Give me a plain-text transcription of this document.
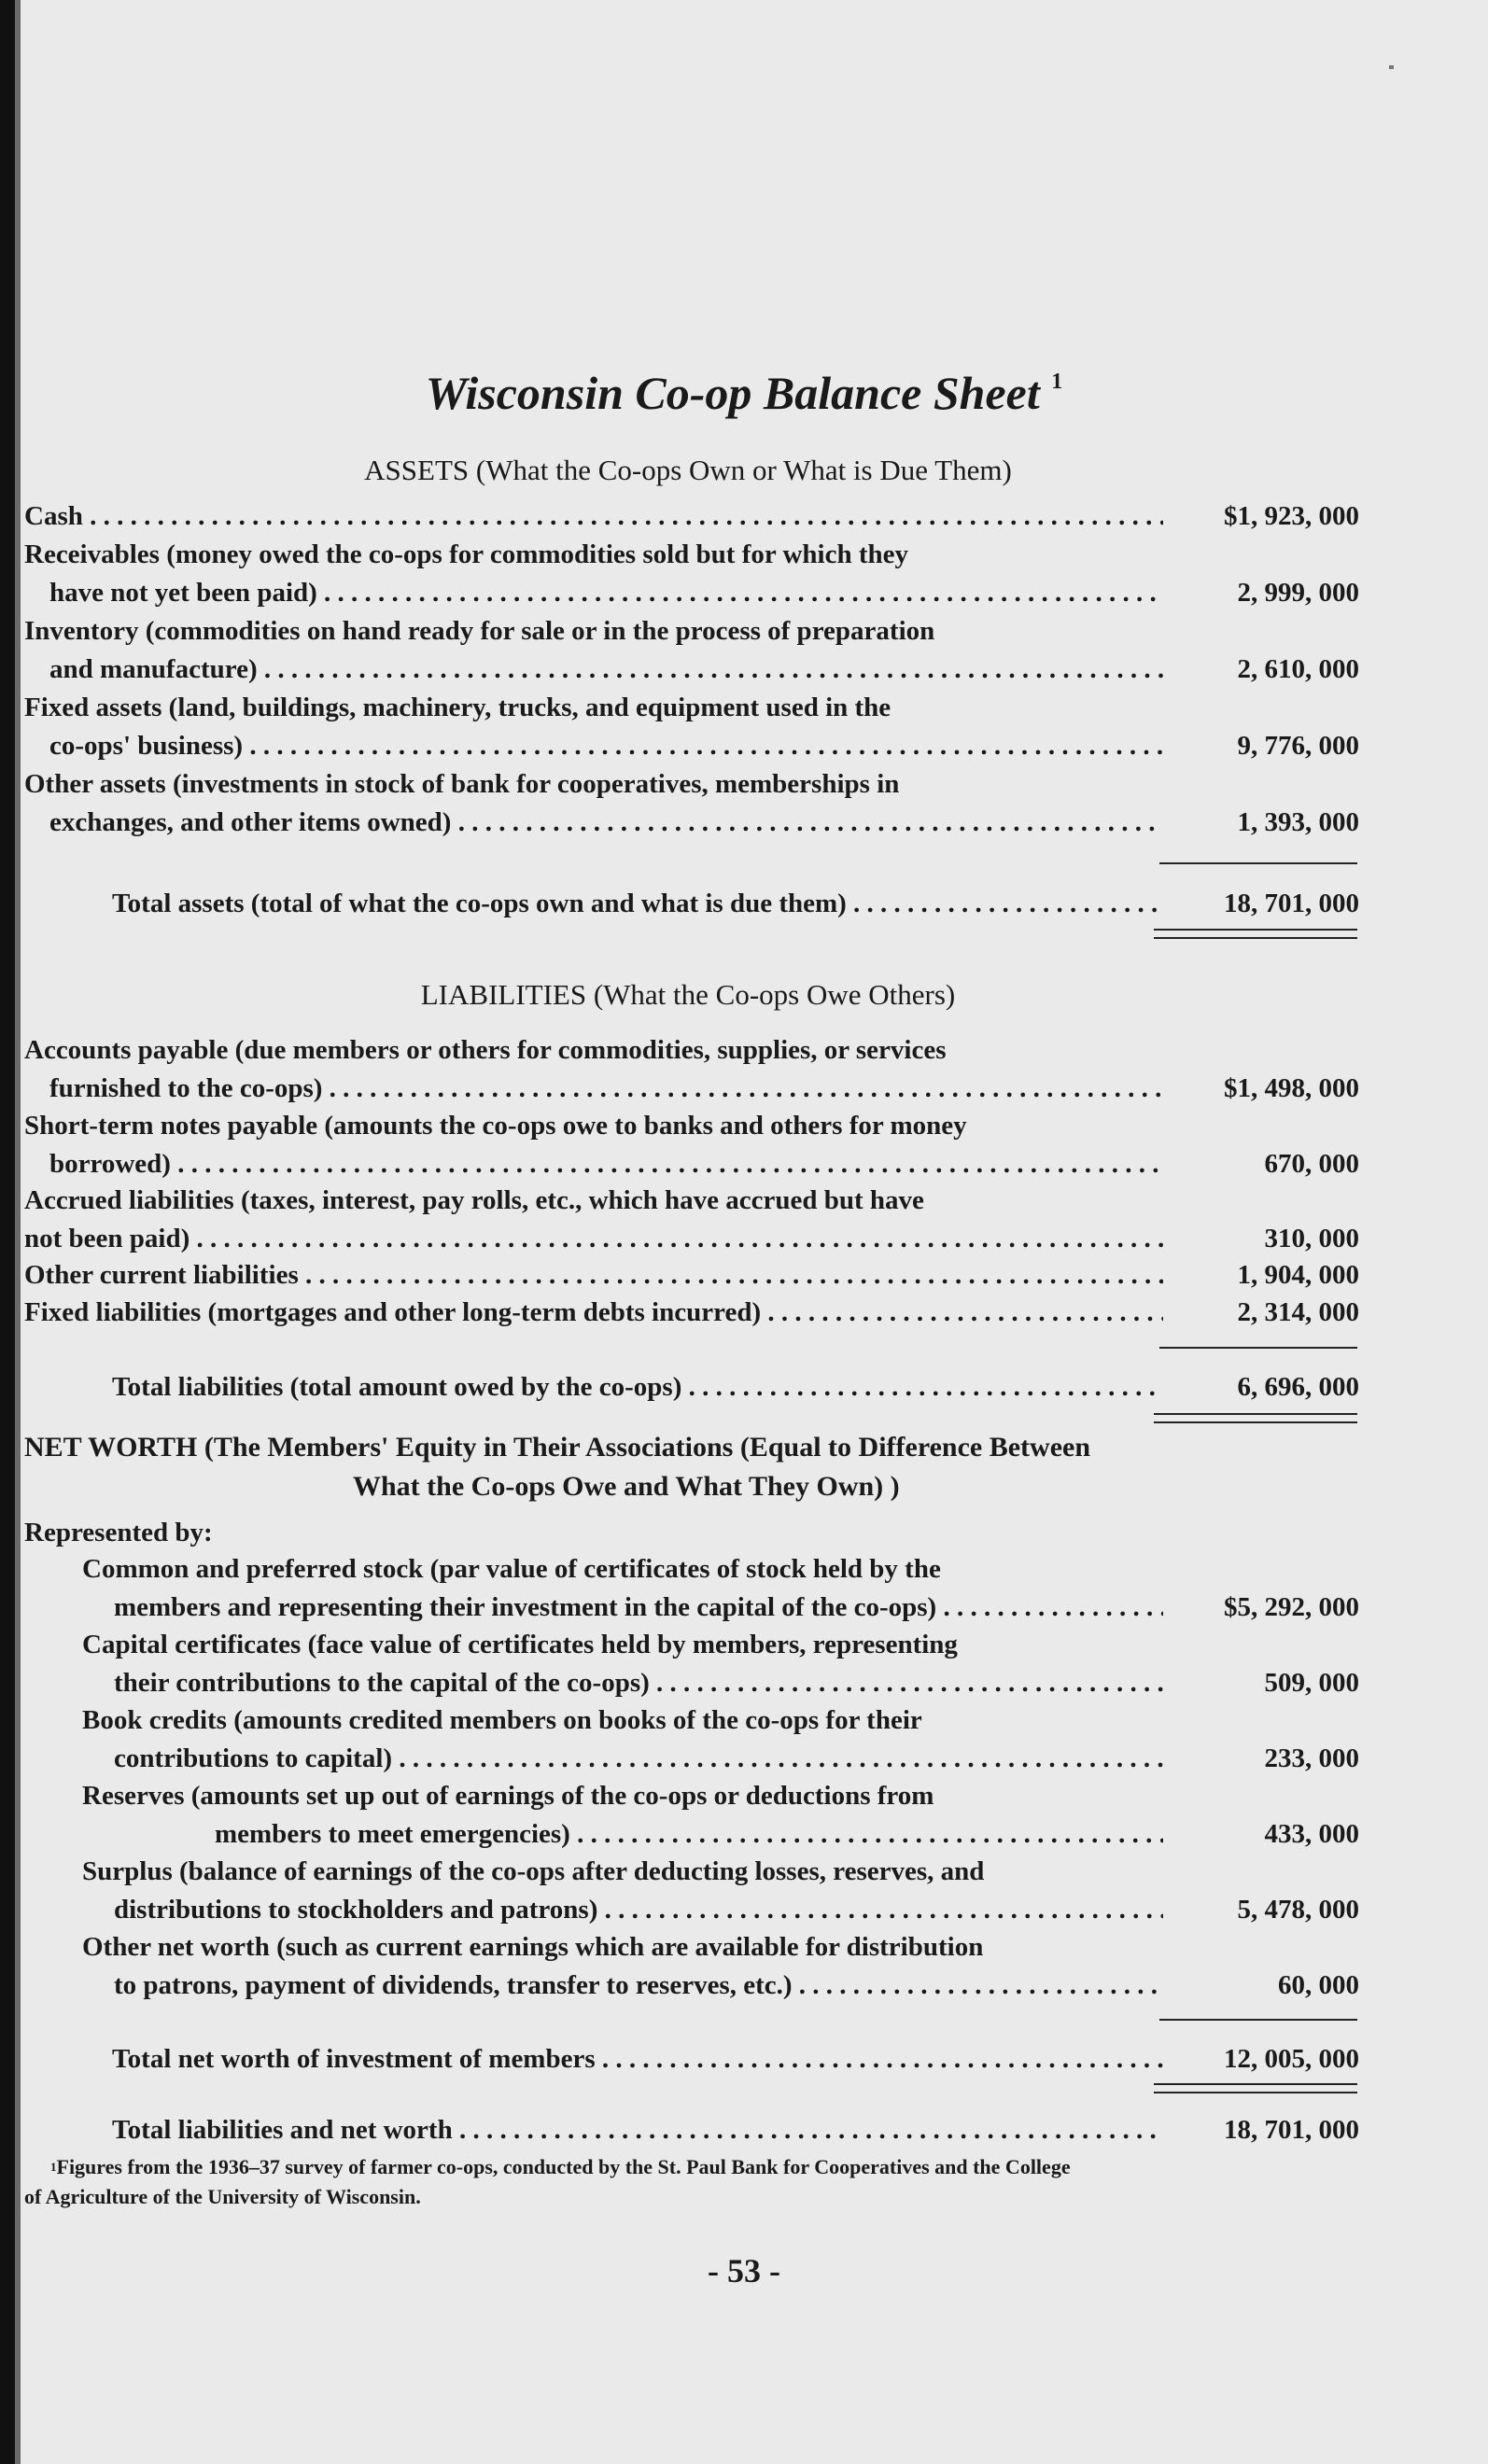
Wisconsin Co-op Balance Sheet $^1$
ASSETS (What the Co-ops Own or What is Due Them)
Cash . . .	$1, 923, 000
Receivables (money owed the co-ops for commodities sold but for which they
have not yet been paid) . . .	2, 999, 000
Inventory (commodities on hand ready for sale or in the process of preparation
and manufacture) . . .	2, 610, 000
Fixed assets (land, buildings, machinery, trucks, and equipment used in the
co-ops' business) . . .	9, 776, 000
Other assets (investments in stock of bank for cooperatives, memberships in
exchanges, and other items owned) . . .	1, 393, 000
Total assets (total of what the co-ops own and what is due them) . . .	18, 701, 000
LIABILITIES (What the Co-ops Owe Others)
Accounts payable (due members or others for commodities, supplies, or services
furnished to the co-ops) . . .	$1, 498, 000
Short-term notes payable (amounts the co-ops owe to banks and others for money
borrowed) . . .	670, 000
Accrued liabilities (taxes, interest, pay rolls, etc., which have accrued but have
not been paid) . . .	310, 000
Other current liabilities . . .	1, 904, 000
Fixed liabilities (mortgages and other long-term debts incurred) . . .	2, 314, 000
Total liabilities (total amount owed by the co-ops) . . .	6, 696, 000
NET WORTH (The Members' Equity in Their Associations (Equal to Difference Between
What the Co-ops Owe and What They Own) )
Represented by:
Common and preferred stock (par value of certificates of stock held by the
members and representing their investment in the capital of the co-ops) . . .	$5, 292, 000
Capital certificates (face value of certificates held by members, representing
their contributions to the capital of the co-ops) . . .	509, 000
Book credits (amounts credited members on books of the co-ops for their
contributions to capital) . . .	233, 000
Reserves (amounts set up out of earnings of the co-ops or deductions from
members to meet emergencies) . . .	433, 000
Surplus (balance of earnings of the co-ops after deducting losses, reserves, and
distributions to stockholders and patrons) . . .	5, 478, 000
Other net worth (such as current earnings which are available for distribution
to patrons, payment of dividends, transfer to reserves, etc.) . . .	60, 000
Total net worth of investment of members . . .	12, 005, 000
Total liabilities and net worth . . .	18, 701, 000
$^1$Figures from the 1936–37 survey of farmer co-ops, conducted by the St. Paul Bank for Cooperatives and the College
of Agriculture of the University of Wisconsin.
- 53 -
